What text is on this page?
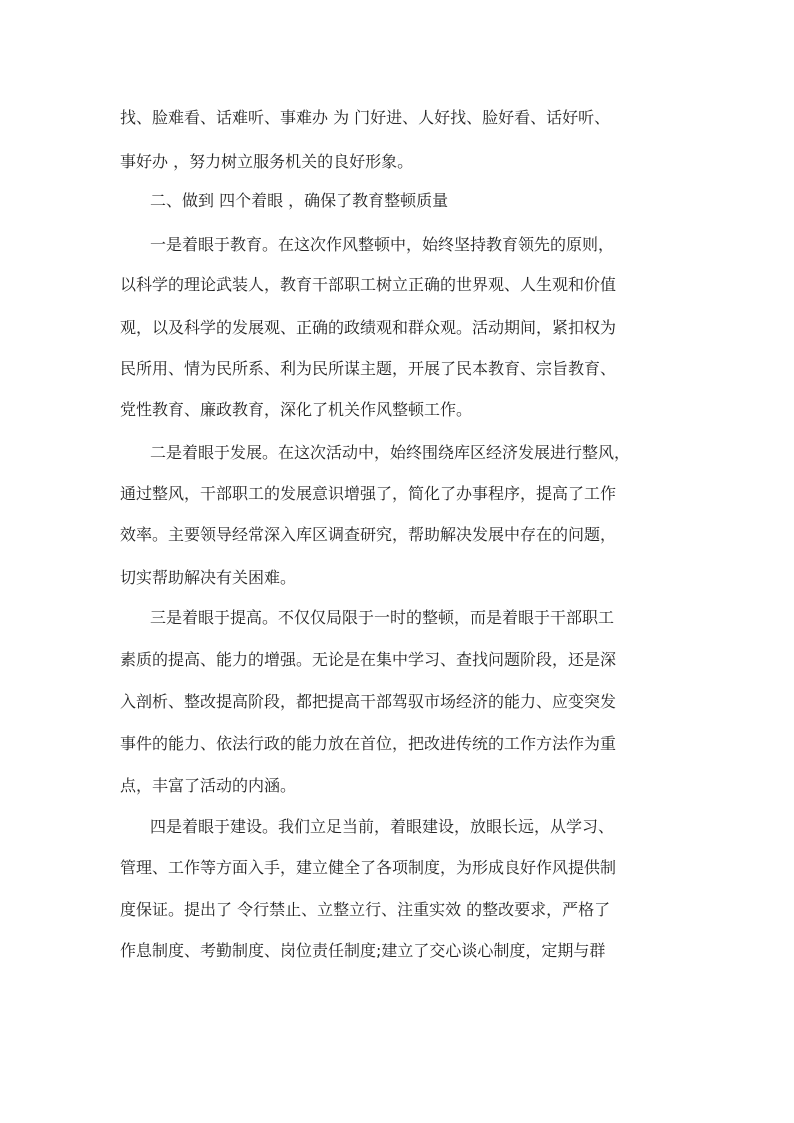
找、脸难看、话难听、事难办 为 门好进、人好找、脸好看、话好听、
事好办 ，努力树立服务机关的良好形象。
二、做到 四个着眼 ，确保了教育整顿质量
一是着眼于教育。在这次作风整顿中，始终坚持教育领先的原则，
以科学的理论武装人，教育干部职工树立正确的世界观、人生观和价值
观，以及科学的发展观、正确的政绩观和群众观。活动期间，紧扣权为
民所用、情为民所系、利为民所谋主题，开展了民本教育、宗旨教育、
党性教育、廉政教育，深化了机关作风整顿工作。
二是着眼于发展。在这次活动中，始终围绕库区经济发展进行整风，
通过整风，干部职工的发展意识增强了，简化了办事程序，提高了工作
效率。主要领导经常深入库区调查研究，帮助解决发展中存在的问题，
切实帮助解决有关困难。
三是着眼于提高。不仅仅局限于一时的整顿，而是着眼于干部职工
素质的提高、能力的增强。无论是在集中学习、查找问题阶段，还是深
入剖析、整改提高阶段，都把提高干部驾驭市场经济的能力、应变突发
事件的能力、依法行政的能力放在首位，把改进传统的工作方法作为重
点，丰富了活动的内涵。
四是着眼于建设。我们立足当前，着眼建设，放眼长远，从学习、
管理、工作等方面入手，建立健全了各项制度，为形成良好作风提供制
度保证。提出了 令行禁止、立整立行、注重实效 的整改要求，严格了
作息制度、考勤制度、岗位责任制度;建立了交心谈心制度，定期与群
